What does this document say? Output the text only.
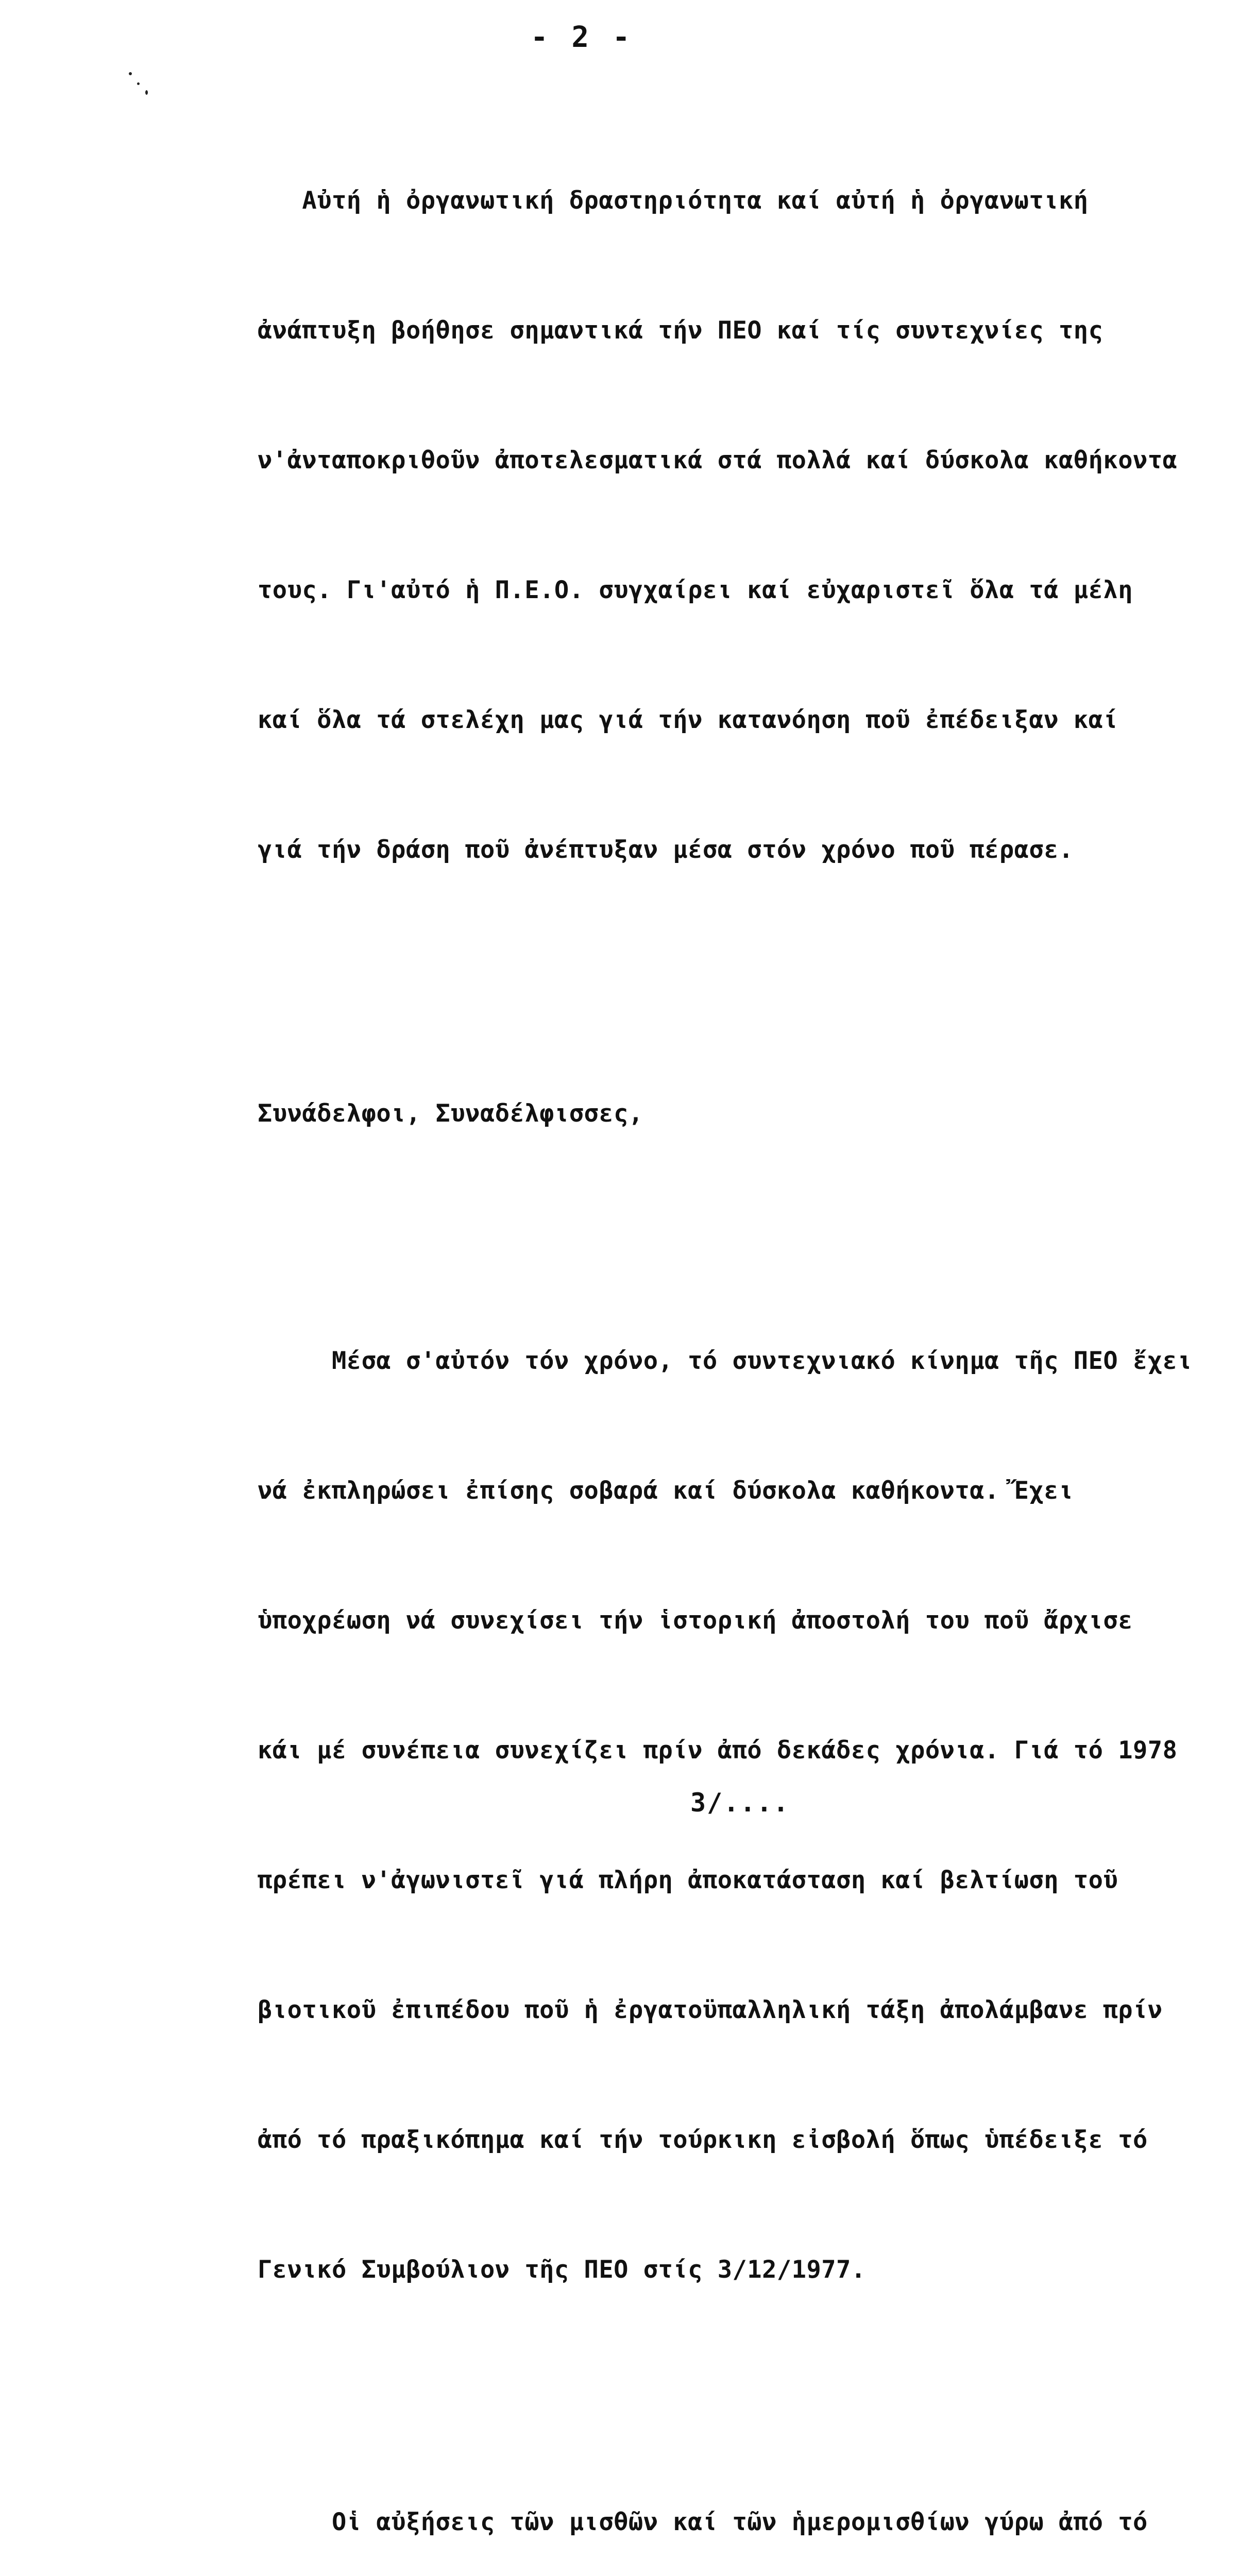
- 2 -

Αὐτή ἡ ὀργανωτική δραστηριότητα καί αὐτή ἡ ὀργανωτική

ἀνάπτυξη βοήθησε σημαντικά τήν ΠΕΟ καί τίς συντεχνίες της

ν'ἀνταποκριθοῦν ἀποτελεσματικά στά πολλά καί δύσκολα καθήκοντα

τους. Γι'αὐτό ἡ Π.Ε.Ο. συγχαίρει καί εὐχαριστεῖ ὅλα τά μέλη

καί ὅλα τά στελέχη μας γιά τήν κατανόηση ποῦ ἐπέδειξαν καί

γιά τήν δράση ποῦ ἀνέπτυξαν μέσα στόν χρόνο ποῦ πέρασε.

Συνάδελφοι, Συναδέλφισσες,

Μέσα σ'αὐτόν τόν χρόνο, τό συντεχνιακό κίνημα τῆς ΠΕΟ ἔχει

νά ἐκπληρώσει ἐπίσης σοβαρά καί δύσκολα καθήκοντα. Ἔχει

ὑποχρέωση νά συνεχίσει τήν ἱστορική ἀποστολή του ποῦ ἄρχισε

κάι μέ συνέπεια συνεχίζει πρίν ἀπό δεκάδες χρόνια. Γιά τό 1978

πρέπει ν'ἀγωνιστεῖ γιά πλήρη ἀποκατάσταση καί βελτίωση τοῦ

βιοτικοῦ ἐπιπέδου ποῦ ἡ ἐργατοϋπαλληλική τάξη ἀπολάμβανε πρίν

ἀπό τό πραξικόπημα καί τήν τούρκικη εἰσβολή ὅπως ὑπέδειξε τό

Γενικό Συμβούλιον τῆς ΠΕΟ στίς 3/12/1977.

Οἱ αὐξήσεις τῶν μισθῶν καί τῶν ἡμερομισθίων γύρω ἀπό τό

3/....
